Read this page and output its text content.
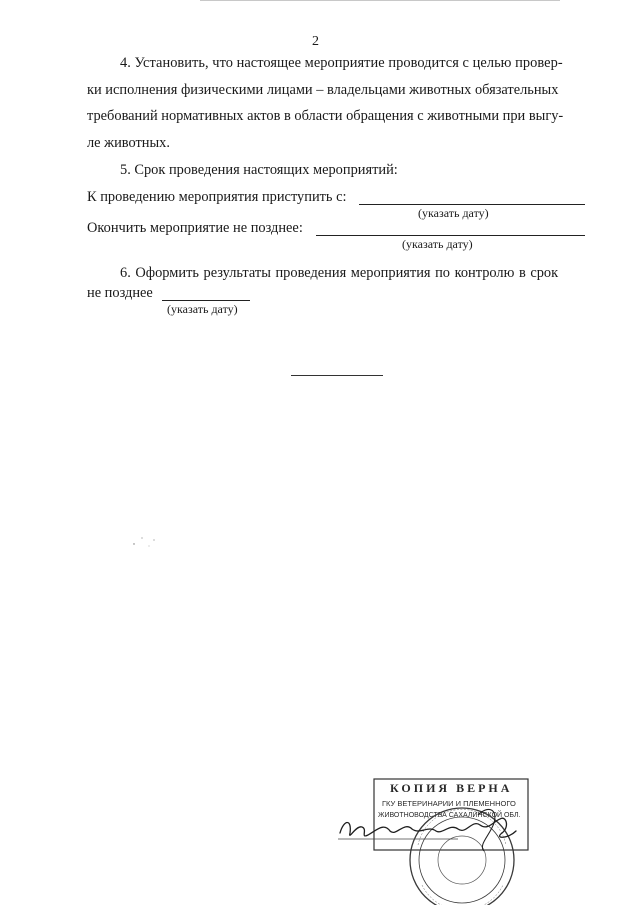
2
4. Установить, что настоящее мероприятие проводится с целью провер-
ки исполнения физическими лицами – владельцами животных обязательных
требований нормативных актов в области обращения с животными при выгу-
ле животных.
5. Срок проведения настоящих мероприятий:
К проведению мероприятия приступить с:
(указать дату)
Окончить мероприятие не позднее:
(указать дату)
6. Оформить результаты проведения мероприятия по контролю в срок
не позднее
(указать дату)
КОПИЯ ВЕРНА
ГКУ ВЕТЕРИНАРИИ И ПЛЕМЕННОГО
ЖИВОТНОВОДСТВА САХАЛИНСКОЙ ОБЛ.
